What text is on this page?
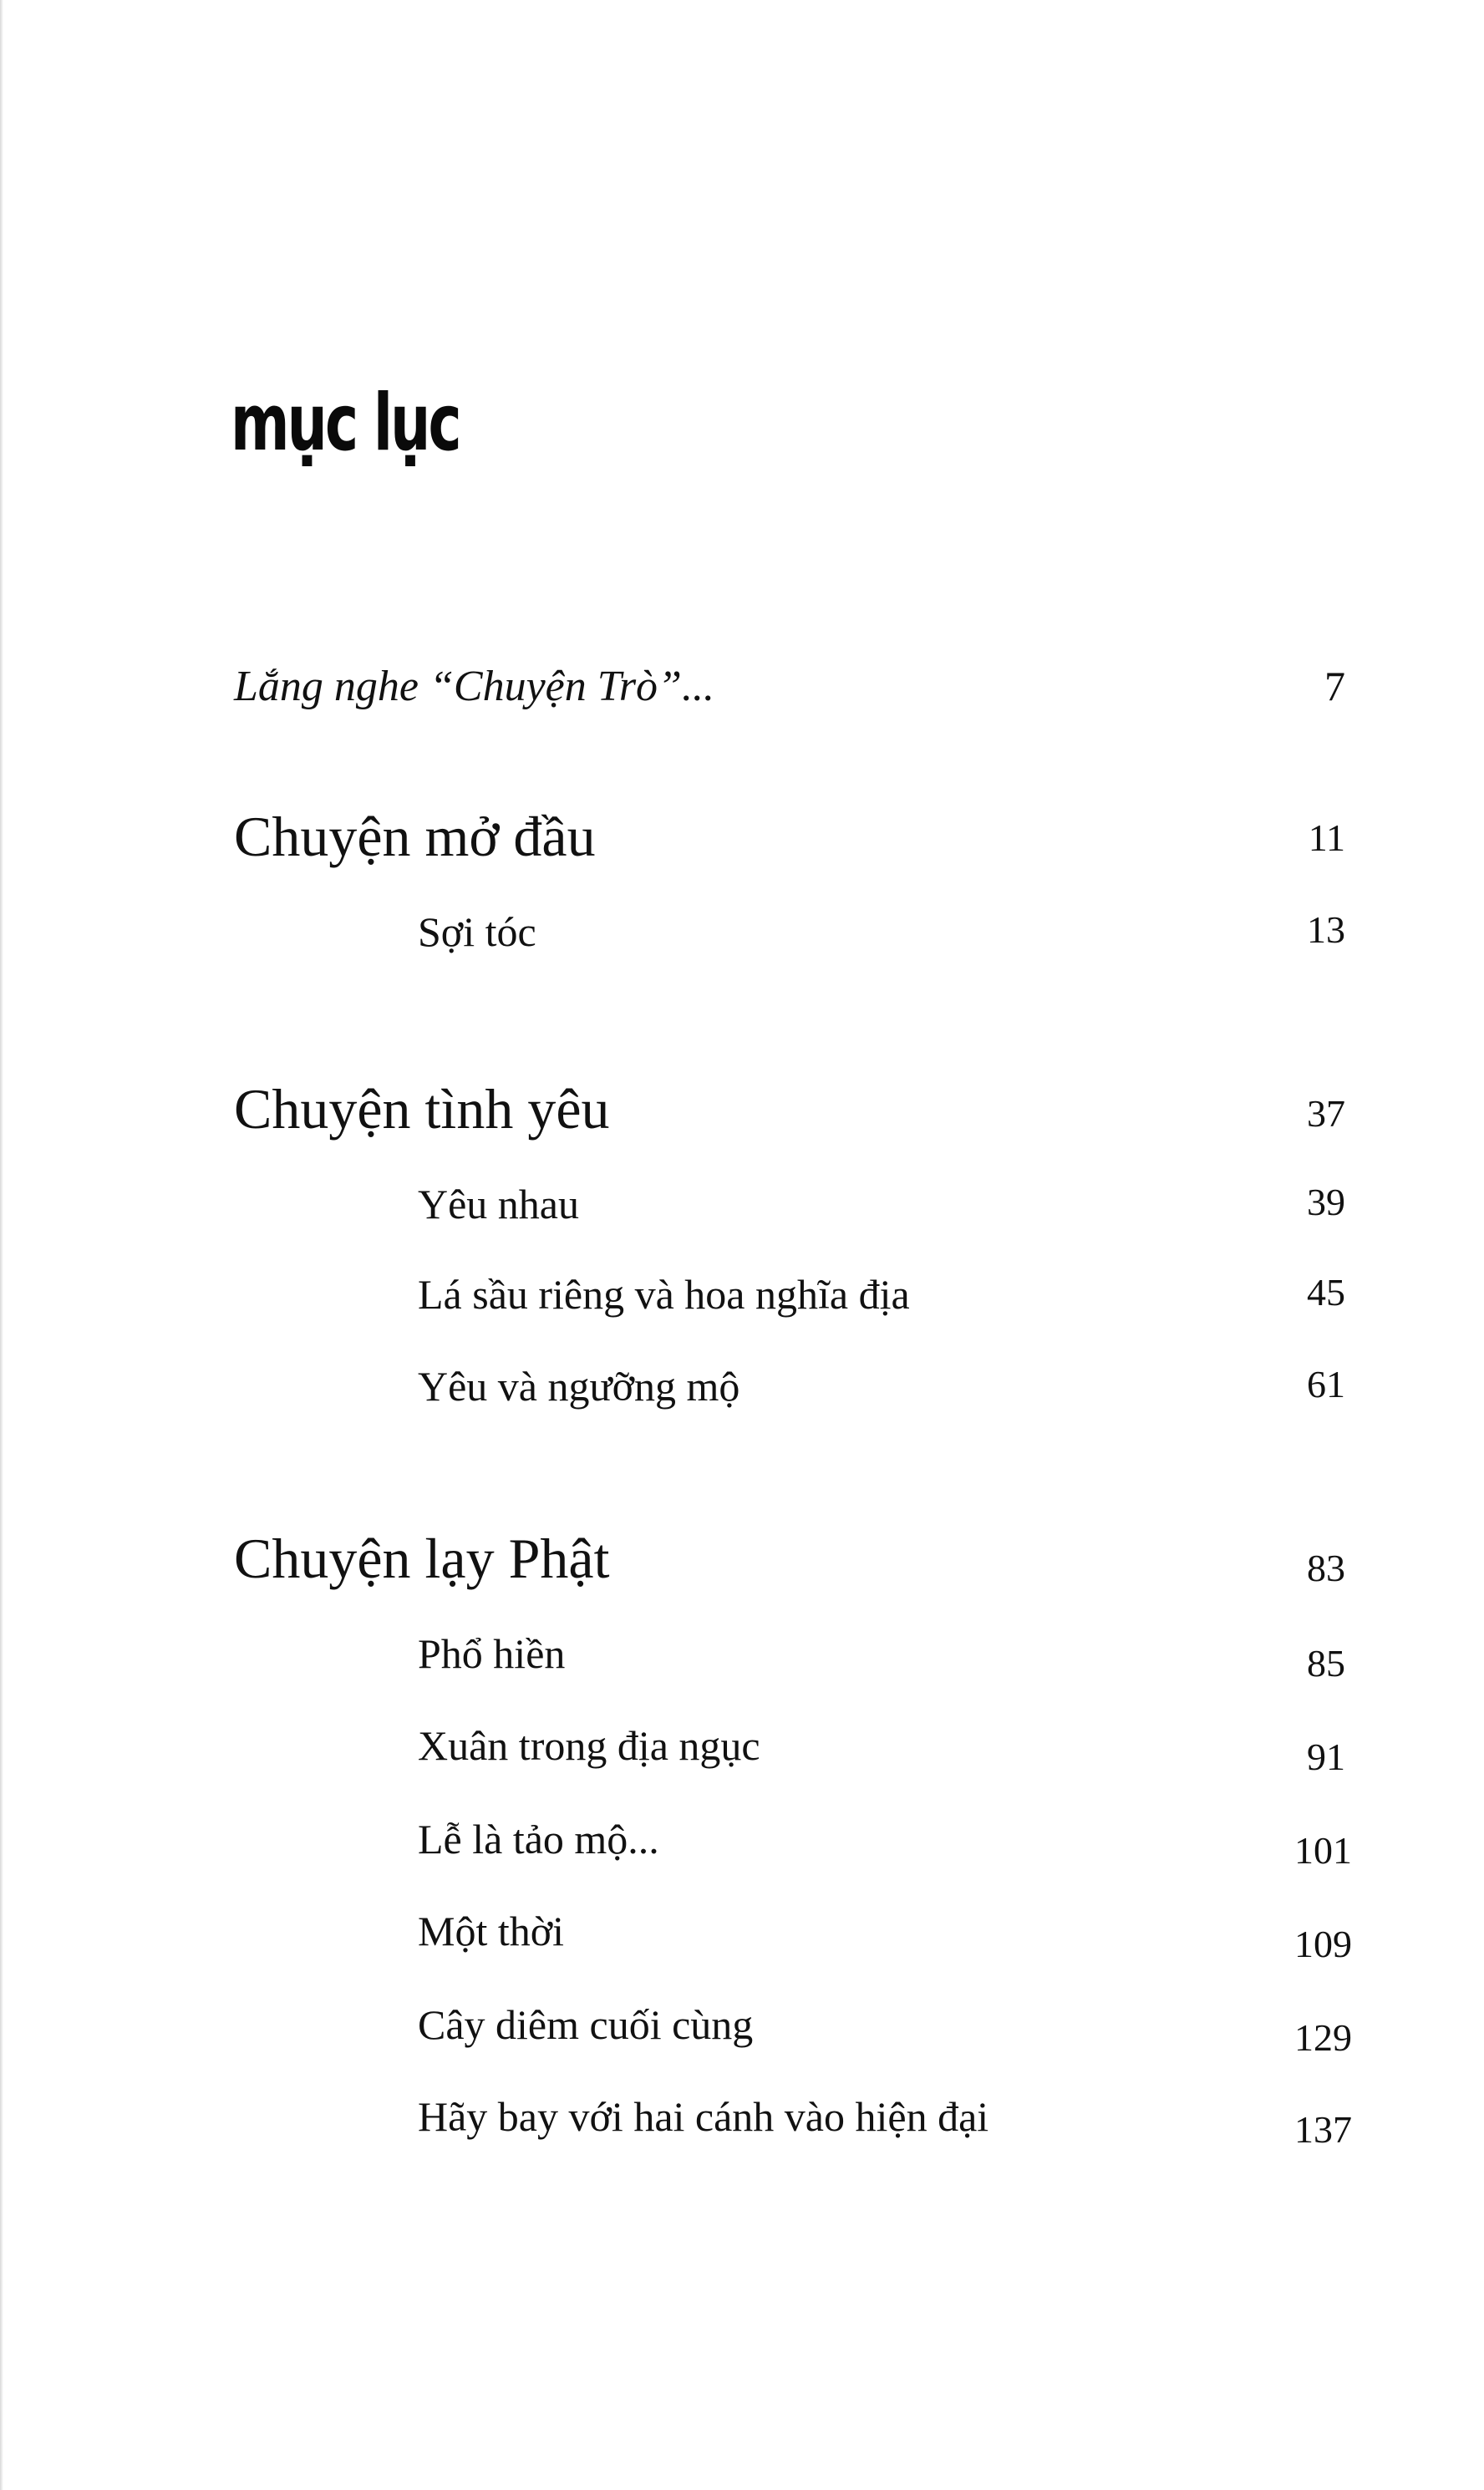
mục lục
Lắng nghe “Chuyện Trò”...	7
Chuyện mở đầu	11
Sợi tóc	13
Chuyện tình yêu	37
Yêu nhau	39
Lá sầu riêng và hoa nghĩa địa	45
Yêu và ngưỡng mộ	61
Chuyện lạy Phật	83
Phổ hiền	85
Xuân trong địa ngục	91
Lễ là tảo mộ...	101
Một thời	109
Cây diêm cuối cùng	129
Hãy bay với hai cánh vào hiện đại	137
